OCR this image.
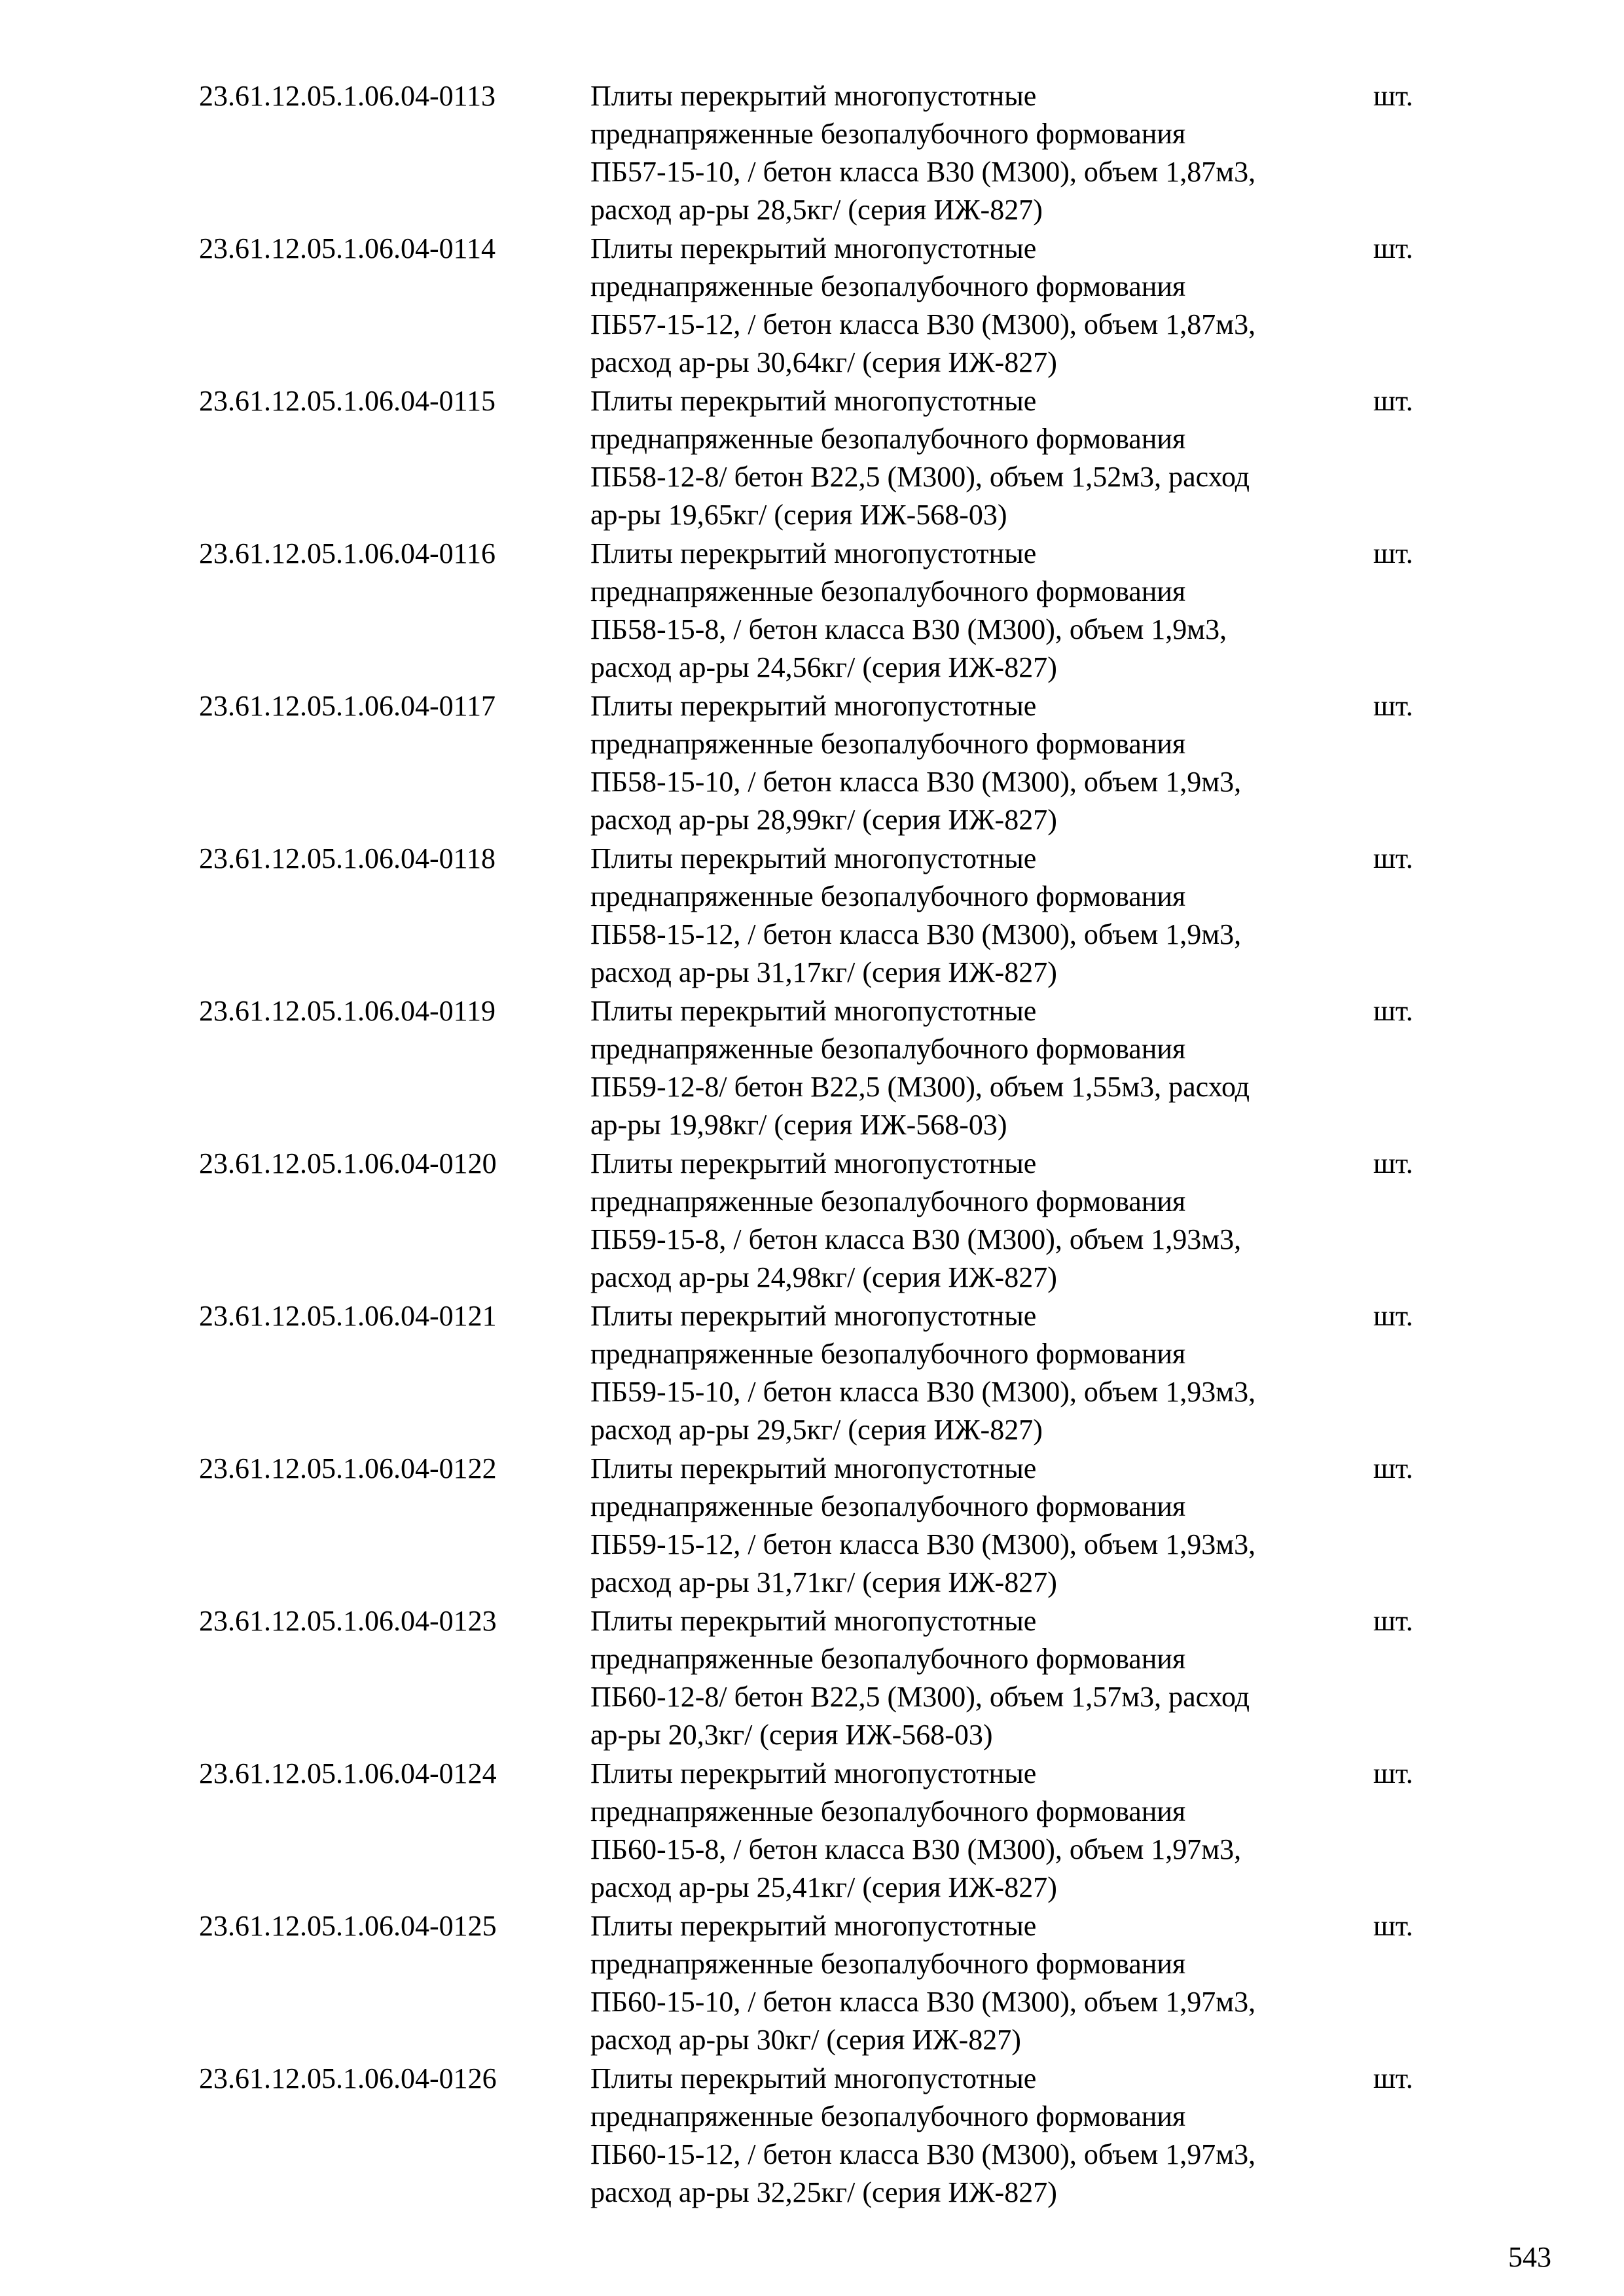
23.61.12.05.1.06.04-0113	Плиты перекрытий многопустотные
преднапряженные безопалубочного формования
ПБ57-15-10, / бетон класса В30 (М300), объем 1,87м3,
расход ар-ры 28,5кг/ (серия ИЖ-827)
шт.
23.61.12.05.1.06.04-0114	Плиты перекрытий многопустотные
преднапряженные безопалубочного формования
ПБ57-15-12, / бетон класса В30 (М300), объем 1,87м3,
расход ар-ры 30,64кг/ (серия ИЖ-827)
шт.
23.61.12.05.1.06.04-0115	Плиты перекрытий многопустотные
преднапряженные безопалубочного формования
ПБ58-12-8/ бетон В22,5 (М300), объем 1,52м3, расход
ар-ры 19,65кг/ (серия ИЖ-568-03)
шт.
23.61.12.05.1.06.04-0116	Плиты перекрытий многопустотные
преднапряженные безопалубочного формования
ПБ58-15-8, / бетон класса В30 (М300), объем 1,9м3,
расход ар-ры 24,56кг/ (серия ИЖ-827)
шт.
23.61.12.05.1.06.04-0117	Плиты перекрытий многопустотные
преднапряженные безопалубочного формования
ПБ58-15-10, / бетон класса В30 (М300), объем 1,9м3,
расход ар-ры 28,99кг/ (серия ИЖ-827)
шт.
23.61.12.05.1.06.04-0118	Плиты перекрытий многопустотные
преднапряженные безопалубочного формования
ПБ58-15-12, / бетон класса В30 (М300), объем 1,9м3,
расход ар-ры 31,17кг/ (серия ИЖ-827)
шт.
23.61.12.05.1.06.04-0119	Плиты перекрытий многопустотные
преднапряженные безопалубочного формования
ПБ59-12-8/ бетон В22,5 (М300), объем 1,55м3, расход
ар-ры 19,98кг/ (серия ИЖ-568-03)
шт.
23.61.12.05.1.06.04-0120	Плиты перекрытий многопустотные
преднапряженные безопалубочного формования
ПБ59-15-8, / бетон класса В30 (М300), объем 1,93м3,
расход ар-ры 24,98кг/ (серия ИЖ-827)
шт.
23.61.12.05.1.06.04-0121	Плиты перекрытий многопустотные
преднапряженные безопалубочного формования
ПБ59-15-10, / бетон класса В30 (М300), объем 1,93м3,
расход ар-ры 29,5кг/ (серия ИЖ-827)
шт.
23.61.12.05.1.06.04-0122	Плиты перекрытий многопустотные
преднапряженные безопалубочного формования
ПБ59-15-12, / бетон класса В30 (М300), объем 1,93м3,
расход ар-ры 31,71кг/ (серия ИЖ-827)
шт.
23.61.12.05.1.06.04-0123	Плиты перекрытий многопустотные
преднапряженные безопалубочного формования
ПБ60-12-8/ бетон В22,5 (М300), объем 1,57м3, расход
ар-ры 20,3кг/ (серия ИЖ-568-03)
шт.
23.61.12.05.1.06.04-0124	Плиты перекрытий многопустотные
преднапряженные безопалубочного формования
ПБ60-15-8, / бетон класса В30 (М300), объем 1,97м3,
расход ар-ры 25,41кг/ (серия ИЖ-827)
шт.
23.61.12.05.1.06.04-0125	Плиты перекрытий многопустотные
преднапряженные безопалубочного формования
ПБ60-15-10, / бетон класса В30 (М300), объем 1,97м3,
расход ар-ры 30кг/ (серия ИЖ-827)
шт.
23.61.12.05.1.06.04-0126	Плиты перекрытий многопустотные
преднапряженные безопалубочного формования
ПБ60-15-12, / бетон класса В30 (М300), объем 1,97м3,
расход ар-ры 32,25кг/ (серия ИЖ-827)
шт.
543
